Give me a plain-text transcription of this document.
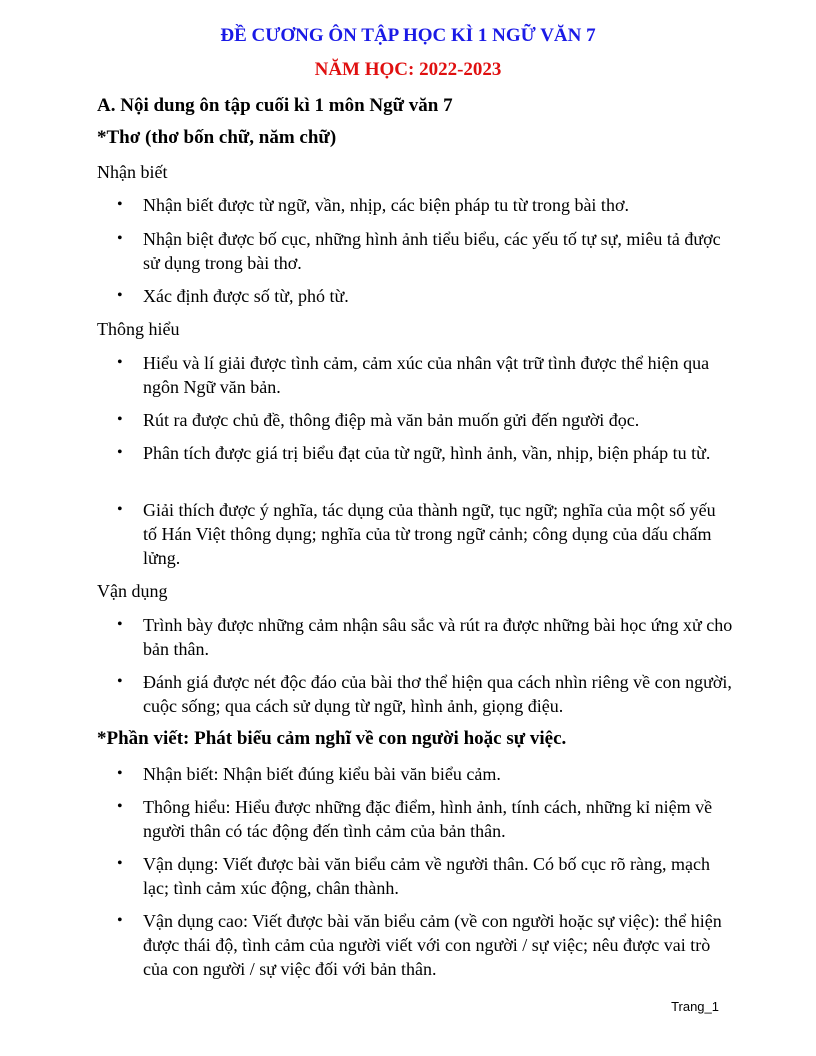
ĐỀ CƯƠNG ÔN TẬP HỌC KÌ 1 NGỮ VĂN 7
NĂM HỌC: 2022-2023
A. Nội dung ôn tập cuối kì 1 môn Ngữ văn 7
*Thơ (thơ bốn chữ, năm chữ)
Nhận biết
• Nhận biết được từ ngữ, vần, nhịp, các biện pháp tu từ trong bài thơ.
• Nhận biệt được bố cục, những hình ảnh tiểu biểu, các yếu tố tự sự, miêu tả được sử dụng trong bài thơ.
• Xác định được số từ, phó từ.
Thông hiểu
• Hiểu và lí giải được tình cảm, cảm xúc của nhân vật trữ tình được thể hiện qua ngôn Ngữ văn bản.
• Rút ra được chủ đề, thông điệp mà văn bản muốn gửi đến người đọc.
• Phân tích được giá trị biểu đạt của từ ngữ, hình ảnh, vần, nhịp, biện pháp tu từ.
• Giải thích được ý nghĩa, tác dụng của thành ngữ, tục ngữ; nghĩa của một số yếu tố Hán Việt thông dụng; nghĩa của từ trong ngữ cảnh; công dụng của dấu chấm lửng.
Vận dụng
• Trình bày được những cảm nhận sâu sắc và rút ra được những bài học ứng xử cho bản thân.
• Đánh giá được nét độc đáo của bài thơ thể hiện qua cách nhìn riêng về con người, cuộc sống; qua cách sử dụng từ ngữ, hình ảnh, giọng điệu.
*Phần viết: Phát biểu cảm nghĩ về con người hoặc sự việc.
• Nhận biết: Nhận biết đúng kiểu bài văn biểu cảm.
• Thông hiểu: Hiểu được những đặc điểm, hình ảnh, tính cách, những kỉ niệm về người thân có tác động đến tình cảm của bản thân.
• Vận dụng: Viết được bài văn biểu cảm về người thân. Có bố cục rõ ràng, mạch lạc; tình cảm xúc động, chân thành.
• Vận dụng cao: Viết được bài văn biểu cảm (về con người hoặc sự việc): thể hiện được thái độ, tình cảm của người viết với con người / sự việc; nêu được vai trò của con người / sự việc đối với bản thân.
Trang_1
